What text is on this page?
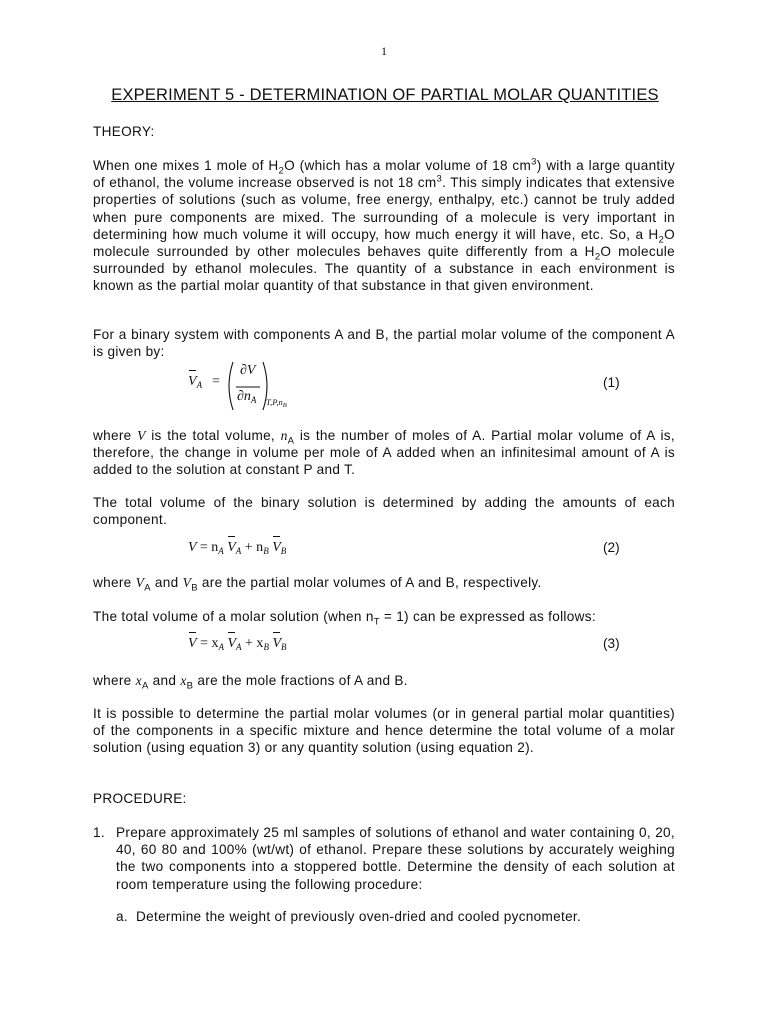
1
EXPERIMENT 5 - DETERMINATION OF PARTIAL MOLAR QUANTITIES
THEORY:
When one mixes 1 mole of $H_2O$ (which has a molar volume of 18 $cm^3$) with a large quantity of ethanol, the volume increase observed is not 18 $cm^3$. This simply indicates that extensive properties of solutions (such as volume, free energy, enthalpy, etc.) cannot be truly added when pure components are mixed. The surrounding of a molecule is very important in determining how much volume it will occupy, how much energy it will have, etc. So, a $H_2O$ molecule surrounded by other molecules behaves quite differently from a $H_2O$ molecule surrounded by ethanol molecules. The quantity of a substance in each environment is known as the partial molar quantity of that substance in that given environment.
For a binary system with components A and B, the partial molar volume of the component A is given by:
$V_A$ =
∂V
$\partial n_A$ $T,P,n_B$
(1)
where V is the total volume, $n_A$ is the number of moles of A. Partial molar volume of A is, therefore, the change in volume per mole of A added when an infinitesimal amount of A is added to the solution at constant P and T.
The total volume of the binary solution is determined by adding the amounts of each component.
$V = n_A$ $V_A + n_B$ $V_B$	(2)
where $V_A$ and $V_B$ are the partial molar volumes of A and B, respectively.
The total volume of a molar solution (when $n_T = 1$) can be expressed as follows:
$V = x_A$ $V_A + x_B$ $V_B$	(3)
where $x_A$ and $x_B$ are the mole fractions of A and B.
It is possible to determine the partial molar volumes (or in general partial molar quantities) of the components in a specific mixture and hence determine the total volume of a molar solution (using equation 3) or any quantity solution (using equation 2).
PROCEDURE:
1. Prepare approximately 25 ml samples of solutions of ethanol and water containing 0, 20, 40, 60 80 and 100% (wt/wt) of ethanol. Prepare these solutions by accurately weighing the two components into a stoppered bottle. Determine the density of each solution at room temperature using the following procedure:
a. Determine the weight of previously oven-dried and cooled pycnometer.
